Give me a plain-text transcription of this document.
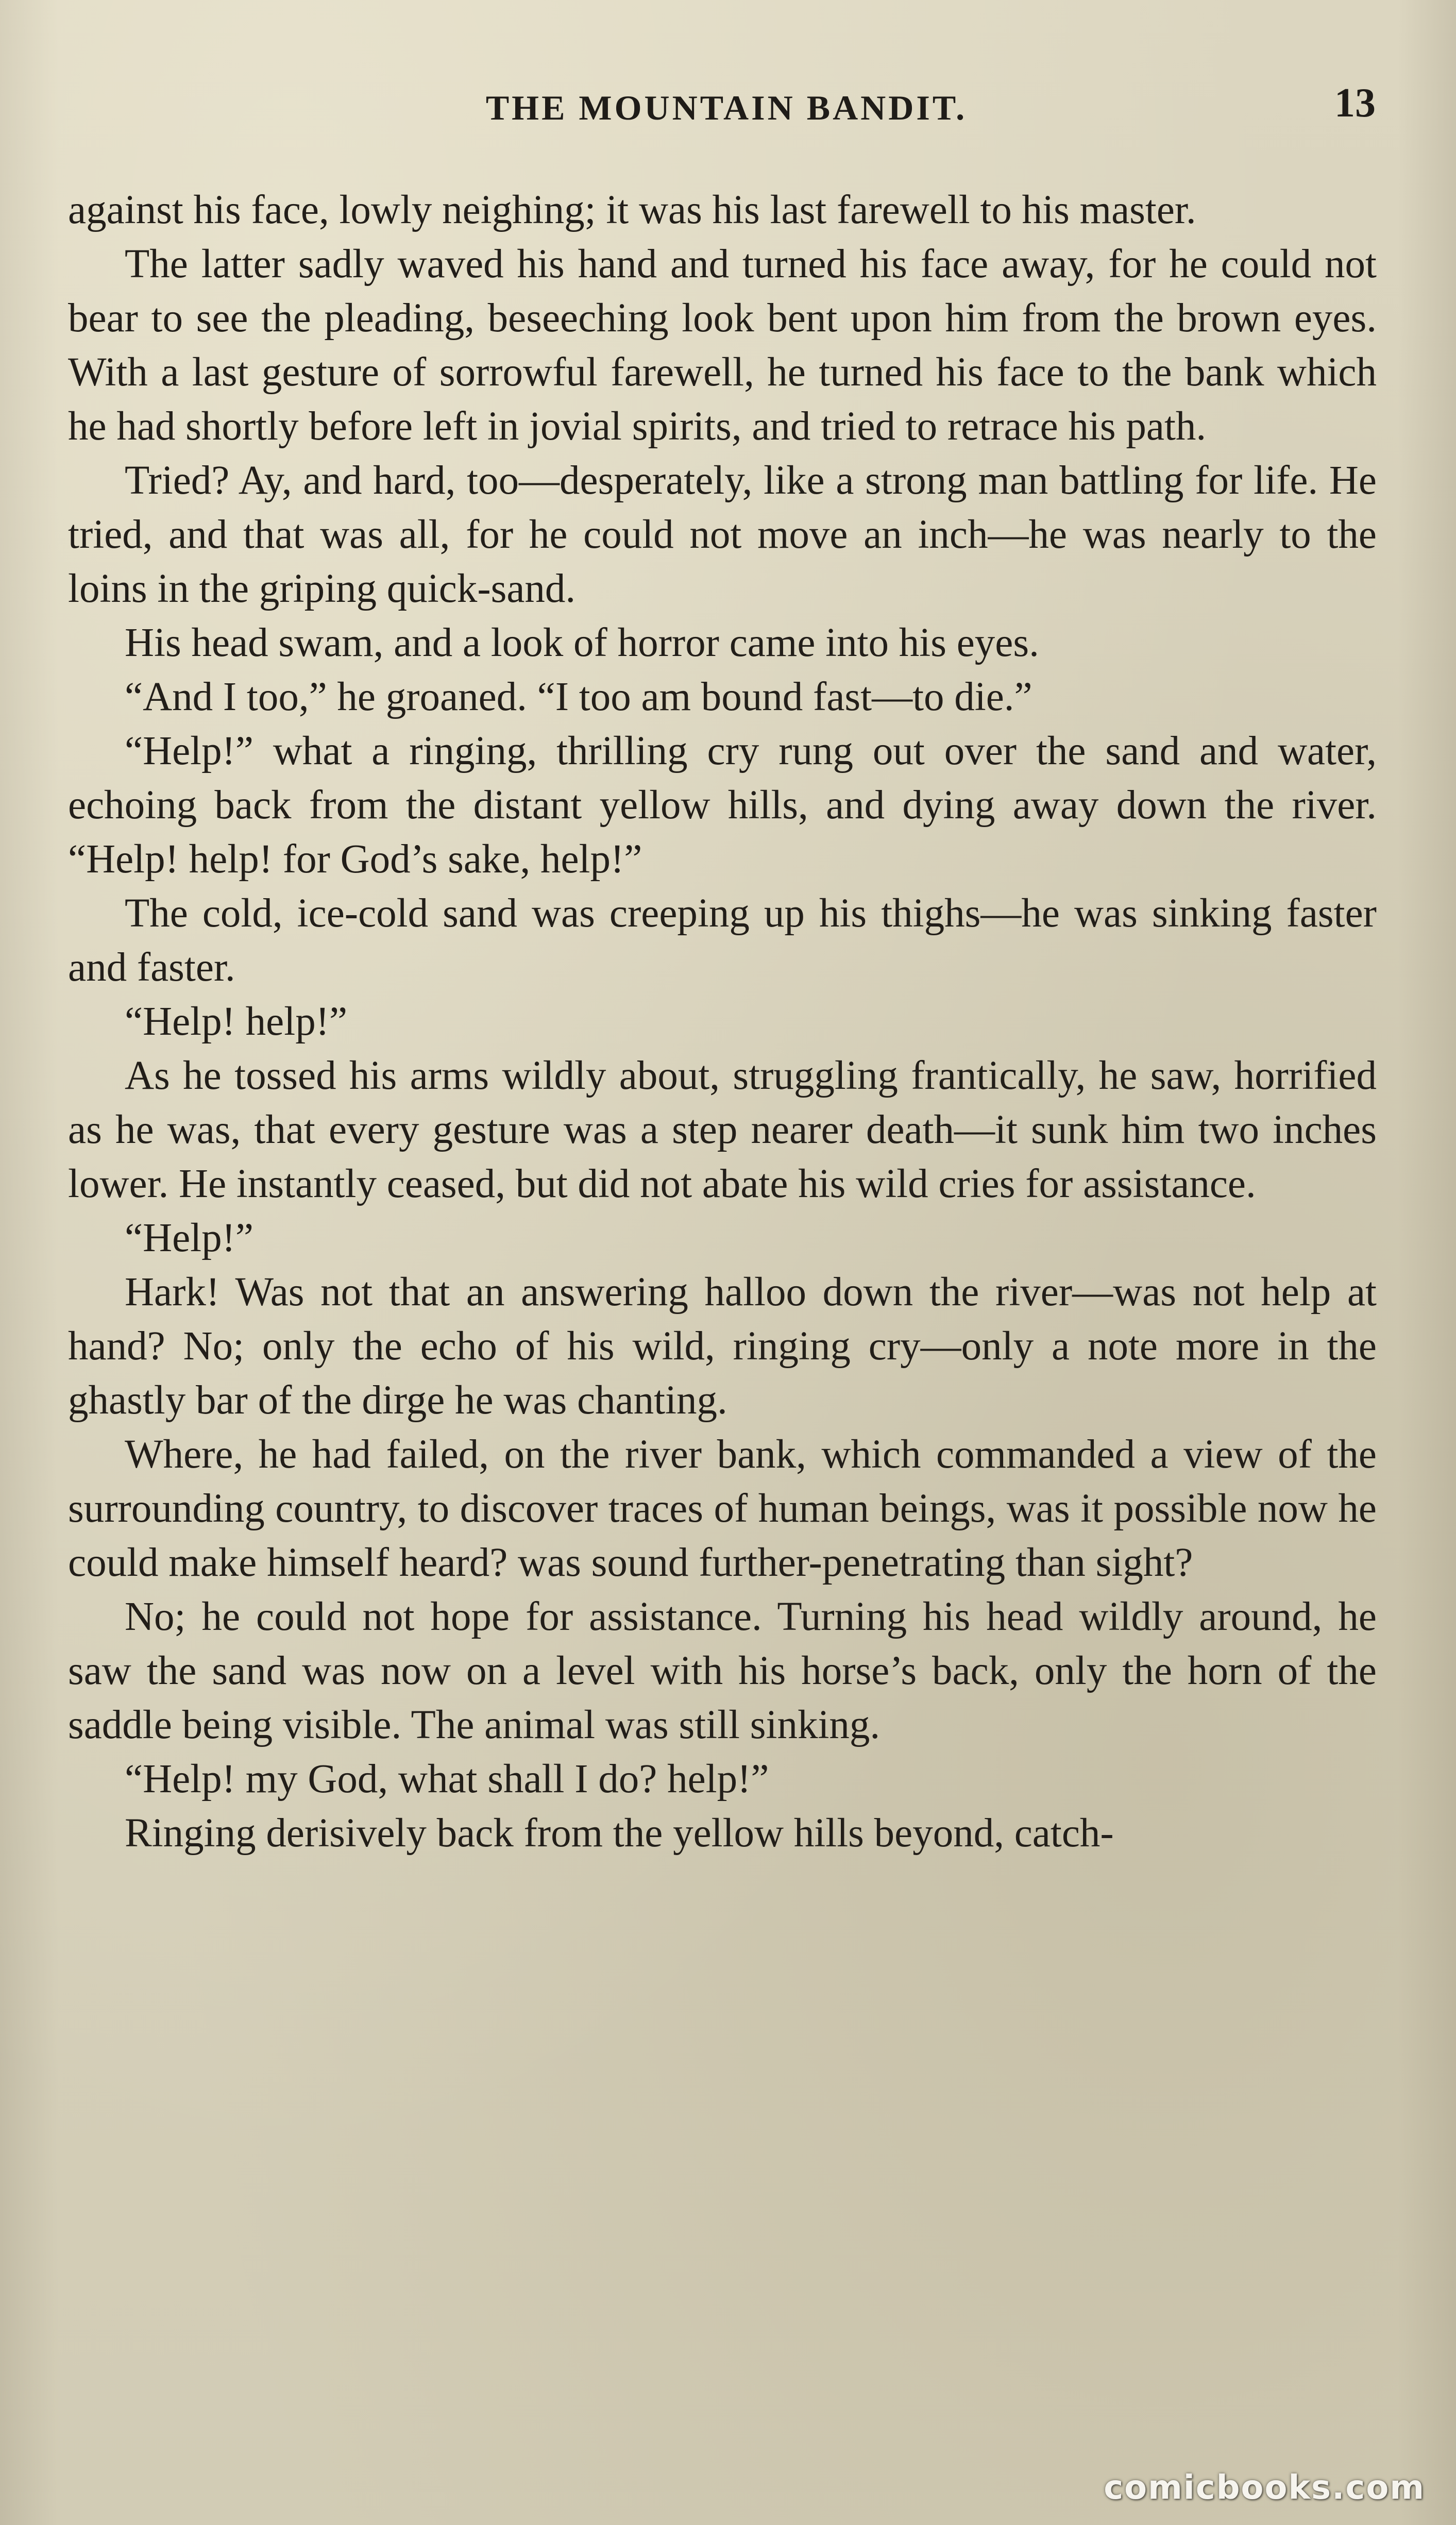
THE MOUNTAIN BANDIT.	13

against his face, lowly neighing; it was his last farewell to his master.

The latter sadly waved his hand and turned his face away, for he could not bear to see the pleading, beseeching look bent upon him from the brown eyes. With a last gesture of sorrowful farewell, he turned his face to the bank which he had shortly before left in jovial spirits, and tried to retrace his path.

Tried? Ay, and hard, too—desperately, like a strong man battling for life. He tried, and that was all, for he could not move an inch—he was nearly to the loins in the griping quick-sand.

His head swam, and a look of horror came into his eyes.

“And I too,” he groaned. “I too am bound fast—to die.”

“Help!” what a ringing, thrilling cry rung out over the sand and water, echoing back from the distant yellow hills, and dying away down the river. “Help! help! for God’s sake, help!”

The cold, ice-cold sand was creeping up his thighs—he was sinking faster and faster.

“Help! help!”

As he tossed his arms wildly about, struggling frantically, he saw, horrified as he was, that every gesture was a step nearer death—it sunk him two inches lower. He instantly ceased, but did not abate his wild cries for assistance.

“Help!”

Hark! Was not that an answering halloo down the river—was not help at hand? No; only the echo of his wild, ringing cry—only a note more in the ghastly bar of the dirge he was chanting.

Where, he had failed, on the river bank, which commanded a view of the surrounding country, to discover traces of human beings, was it possible now he could make himself heard? was sound further-penetrating than sight?

No; he could not hope for assistance. Turning his head wildly around, he saw the sand was now on a level with his horse’s back, only the horn of the saddle being visible. The animal was still sinking.

“Help! my God, what shall I do? help!”

Ringing derisively back from the yellow hills beyond, catch-

comicbooks.com
